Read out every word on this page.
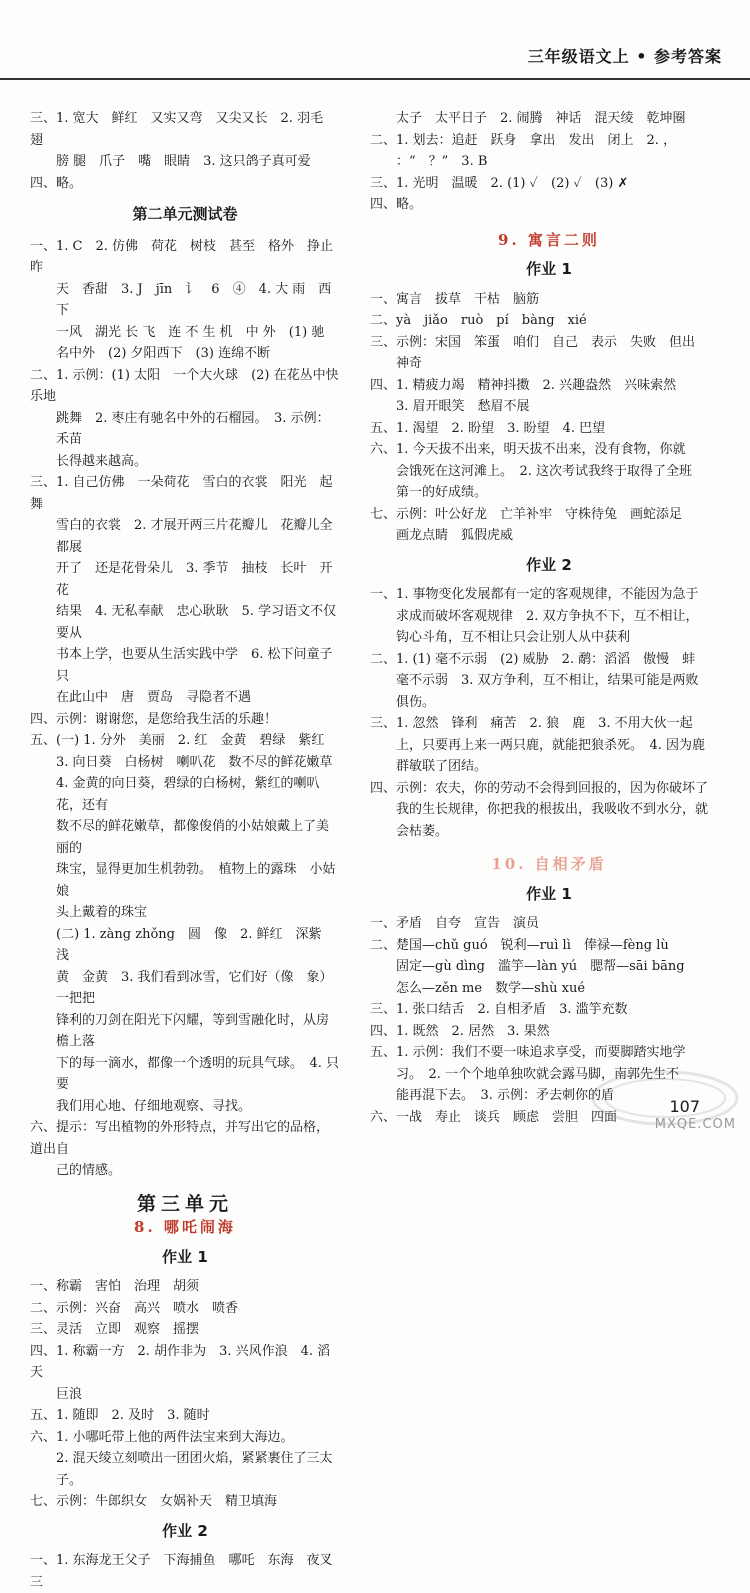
三年级语文上 • 参考答案

三、1. 宽大　鲜红　又实又弯　又尖又长　2. 羽毛　翅

膀 腿　爪子　嘴　眼睛　3. 这只鸽子真可爱

四、略。

第二单元测试卷

一、1. C　2. 仿佛　荷花　树枝　甚至　格外　挣止　昨

天　香甜　3. J　jīn　讠　6　④　4. 大 雨　西 下

一风　湖光 长 飞　连 不 生 机　中 外　(1) 驰

名中外　(2) 夕阳西下　(3) 连绵不断

二、1. 示例：(1) 太阳　一个大火球　(2) 在花丛中快乐地

跳舞　2. 枣庄有驰名中外的石榴园。　3. 示例：禾苗

长得越来越高。

三、1. 自己仿佛　一朵荷花　雪白的衣裳　阳光　起舞

雪白的衣裳　2. 才展开两三片花瓣儿　花瓣儿全都展

开了　还是花骨朵儿　3. 季节　抽枝　长叶　开花

结果　4. 无私奉献　忠心耿耿　5. 学习语文不仅要从

书本上学，也要从生活实践中学　6. 松下问童子　只

在此山中　唐　贾岛　寻隐者不遇

四、示例：谢谢您，是您给我生活的乐趣！

五、(一) 1. 分外　美丽　2. 红　金黄　碧绿　紫红

3. 向日葵　白杨树　喇叭花　数不尽的鲜花嫩草

4. 金黄的向日葵，碧绿的白杨树，紫红的喇叭花，还有

数不尽的鲜花嫩草，都像俊俏的小姑娘戴上了美丽的

珠宝，显得更加生机勃勃。　植物上的露珠　小姑娘

头上戴着的珠宝

(二) 1. zàng zhǒng　圆　像　2. 鲜红　深紫　浅

黄　金黄　3. 我们看到冰雪，它们好（像　象）一把把

锋利的刀剑在阳光下闪耀，等到雪融化时，从房檐上落

下的每一滴水，都像一个透明的玩具气球。　4. 只要

我们用心地、仔细地观察、寻找。

六、提示：写出植物的外形特点，并写出它的品格，道出自

己的情感。

第三单元
8. 哪吒闹海
作业 1

一、称霸　害怕　治理　胡须

二、示例：兴奋　高兴　喷水　喷香

三、灵活　立即　观察　摇摆

四、1. 称霸一方　2. 胡作非为　3. 兴风作浪　4. 滔天

巨浪

五、1. 随即　2. 及时　3. 随时

六、1. 小哪吒带上他的两件法宝来到大海边。

2. 混天绫立刻喷出一团团火焰，紧紧裹住了三太子。

七、示例：牛郎织女　女娲补天　精卫填海

作业 2

一、1. 东海龙王父子　下海捕鱼　哪吒　东海　夜叉　三

太子　太平日子　2. 闹腾　神话　混天绫　乾坤圈

二、1. 划去：追赶　跃身　拿出　发出　闭上　2. ，

：“　？”　3. B

三、1. 光明　温暖　2. (1) ✓　(2) ✓　(3) ✗

四、略。

9. 寓言二则
作业 1

一、寓言　拔草　干枯　脑筋

二、yà　jiǎo　ruò　pí　bàng　xié

三、示例：宋国　笨蛋　咱们　自己　表示　失败　但出

神奇

四、1. 精疲力竭　精神抖擞　2. 兴趣盎然　兴味索然

3. 眉开眼笑　愁眉不展

五、1. 渴望　2. 盼望　3. 盼望　4. 巴望

六、1. 今天拔不出来，明天拔不出来，没有食物，你就

会饿死在这河滩上。　2. 这次考试我终于取得了全班

第一的好成绩。

七、示例：叶公好龙　亡羊补牢　守株待兔　画蛇添足

画龙点睛　狐假虎威

作业 2

一、1. 事物变化发展都有一定的客观规律，不能因为急于

求成而破坏客观规律　2. 双方争执不下，互不相让，

钩心斗角，互不相让只会让别人从中获利

二、1. (1) 毫不示弱　(2) 威胁　2. 鹬：滔滔　傲慢　蚌

毫不示弱　3. 双方争利，互不相让，结果可能是两败

俱伤。

三、1. 忽然　锋利　痛苦　2. 狼　鹿　3. 不用大伙一起

上，只要再上来一两只鹿，就能把狼杀死。　4. 因为鹿

群敏联了团结。

四、示例：农夫，你的劳动不会得到回报的，因为你破坏了

我的生长规律，你把我的根拔出，我吸收不到水分，就

会枯萎。

10. 自相矛盾
作业 1

一、矛盾　自夸　宣告　演员

二、楚国—chǔ guó　锐利—ruì lì　俸禄—fèng lù

固定—gù dìng　滥竽—làn yú　腮帮—sāi bāng

怎么—zěn me　数学—shù xué

三、1. 张口结舌　2. 自相矛盾　3. 滥竽充数

四、1. 既然　2. 居然　3. 果然

五、1. 示例：我们不要一味追求享受，而要脚踏实地学

习。　2. 一个个地单独吹就会露马脚，南郭先生不

能再混下去。　3. 示例：矛去刺你的盾

六、一战　寿止　谈兵　顾虑　尝胆　四面

107
MXQE.COM
